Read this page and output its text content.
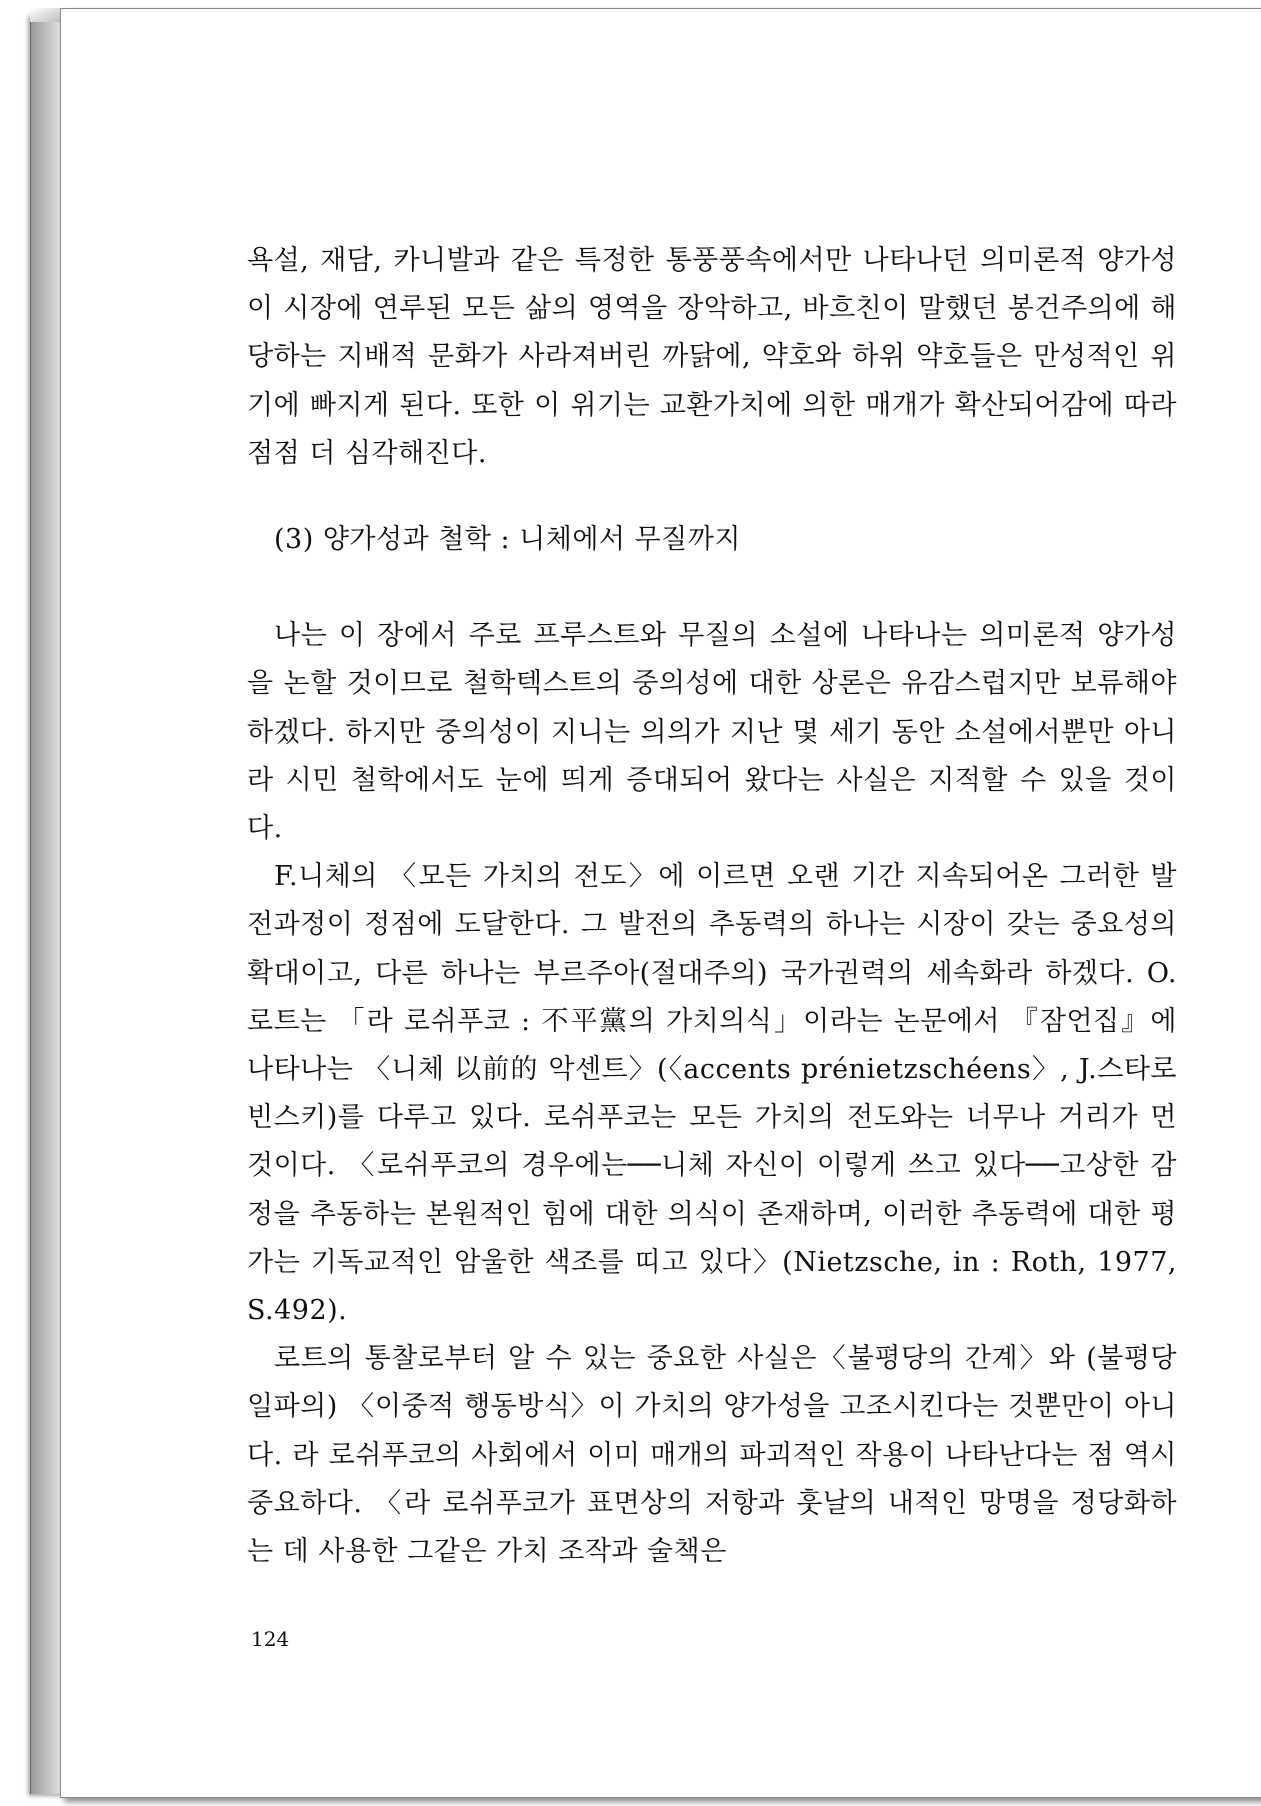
욕설, 재담, 카니발과 같은 특정한 통풍풍속에서만 나타나던 의미론적 양가성이 시장에 연루된 모든 삶의 영역을 장악하고, 바흐친이 말했던 봉건주의에 해당하는 지배적 문화가 사라져버린 까닭에, 약호와 하위 약호들은 만성적인 위기에 빠지게 된다. 또한 이 위기는 교환가치에 의한 매개가 확산되어감에 따라 점점 더 심각해진다.

(3) 양가성과 철학 : 니체에서 무질까지

나는 이 장에서 주로 프루스트와 무질의 소설에 나타나는 의미론적 양가성을 논할 것이므로 철학텍스트의 중의성에 대한 상론은 유감스럽지만 보류해야 하겠다. 하지만 중의성이 지니는 의의가 지난 몇 세기 동안 소설에서뿐만 아니라 시민 철학에서도 눈에 띄게 증대되어 왔다는 사실은 지적할 수 있을 것이다.

F.니체의 〈모든 가치의 전도〉에 이르면 오랜 기간 지속되어온 그러한 발전과정이 정점에 도달한다. 그 발전의 추동력의 하나는 시장이 갖는 중요성의 확대이고, 다른 하나는 부르주아(절대주의) 국가권력의 세속화라 하겠다. O.로트는 「라 로쉬푸코 : 不平黨의 가치의식」이라는 논문에서 『잠언집』에 나타나는 〈니체 以前的 악센트〉(〈accents prénietzschéens〉, J.스타로빈스키)를 다루고 있다. 로쉬푸코는 모든 가치의 전도와는 너무나 거리가 먼 것이다. 〈로쉬푸코의 경우에는──니체 자신이 이렇게 쓰고 있다──고상한 감정을 추동하는 본원적인 힘에 대한 의식이 존재하며, 이러한 추동력에 대한 평가는 기독교적인 암울한 색조를 띠고 있다〉(Nietzsche, in : Roth, 1977, S.492).

로트의 통찰로부터 알 수 있는 중요한 사실은〈불평당의 간계〉와 (불평당 일파의) 〈이중적 행동방식〉이 가치의 양가성을 고조시킨다는 것뿐만이 아니다. 라 로쉬푸코의 사회에서 이미 매개의 파괴적인 작용이 나타난다는 점 역시 중요하다. 〈라 로쉬푸코가 표면상의 저항과 훗날의 내적인 망명을 정당화하는 데 사용한 그같은 가치 조작과 술책은

124
